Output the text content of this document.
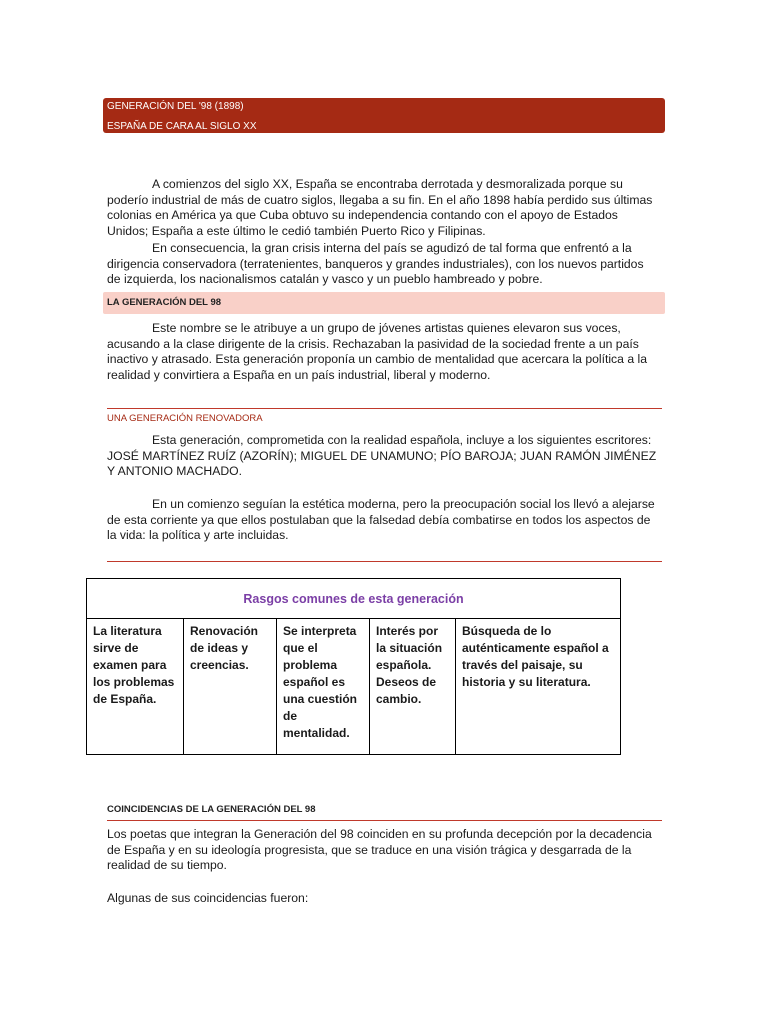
GENERACIÓN DEL '98 (1898)
ESPAÑA DE CARA AL SIGLO XX

A comienzos del siglo XX, España se encontraba derrotada y desmoralizada porque su poderío industrial de más de cuatro siglos, llegaba a su fin. En el año 1898 había perdido sus últimas colonias en América ya que Cuba obtuvo su independencia contando con el apoyo de Estados Unidos; España a este último le cedió también Puerto Rico y Filipinas.

En consecuencia, la gran crisis interna del país se agudizó de tal forma que enfrentó a la dirigencia conservadora (terratenientes, banqueros y grandes industriales), con los nuevos partidos de izquierda, los nacionalismos catalán y vasco y un pueblo hambreado y pobre.

LA GENERACIÓN DEL 98

Este nombre se le atribuye a un grupo de jóvenes artistas quienes elevaron sus voces, acusando a la clase dirigente de la crisis. Rechazaban la pasividad de la sociedad frente a un país inactivo y atrasado. Esta generación proponía un cambio de mentalidad que acercara la política a la realidad y convirtiera a España en un país industrial, liberal y moderno.

UNA GENERACIÓN RENOVADORA

Esta generación, comprometida con la realidad española, incluye a los siguientes escritores: JOSÉ MARTÍNEZ RUÍZ (AZORÍN); MIGUEL DE UNAMUNO; PÍO BAROJA; JUAN RAMÓN JIMÉNEZ Y ANTONIO MACHADO.

En un comienzo seguían la estética moderna, pero la preocupación social los llevó a alejarse de esta corriente ya que ellos postulaban que la falsedad debía combatirse en todos los aspectos de la vida: la política y arte incluidas.

Rasgos comunes de esta generación
La literatura sirve de examen para los problemas de España.	Renovación de ideas y creencias.	Se interpreta que el problema español es una cuestión de mentalidad.	Interés por la situación española. Deseos de cambio.	Búsqueda de lo auténticamente español a través del paisaje, su historia y su literatura.
COINCIDENCIAS DE LA GENERACIÓN DEL 98

Los poetas que integran la Generación del 98 coinciden en su profunda decepción por la decadencia de España y en su ideología progresista, que se traduce en una visión trágica y desgarrada de la realidad de su tiempo.

Algunas de sus coincidencias fueron:
